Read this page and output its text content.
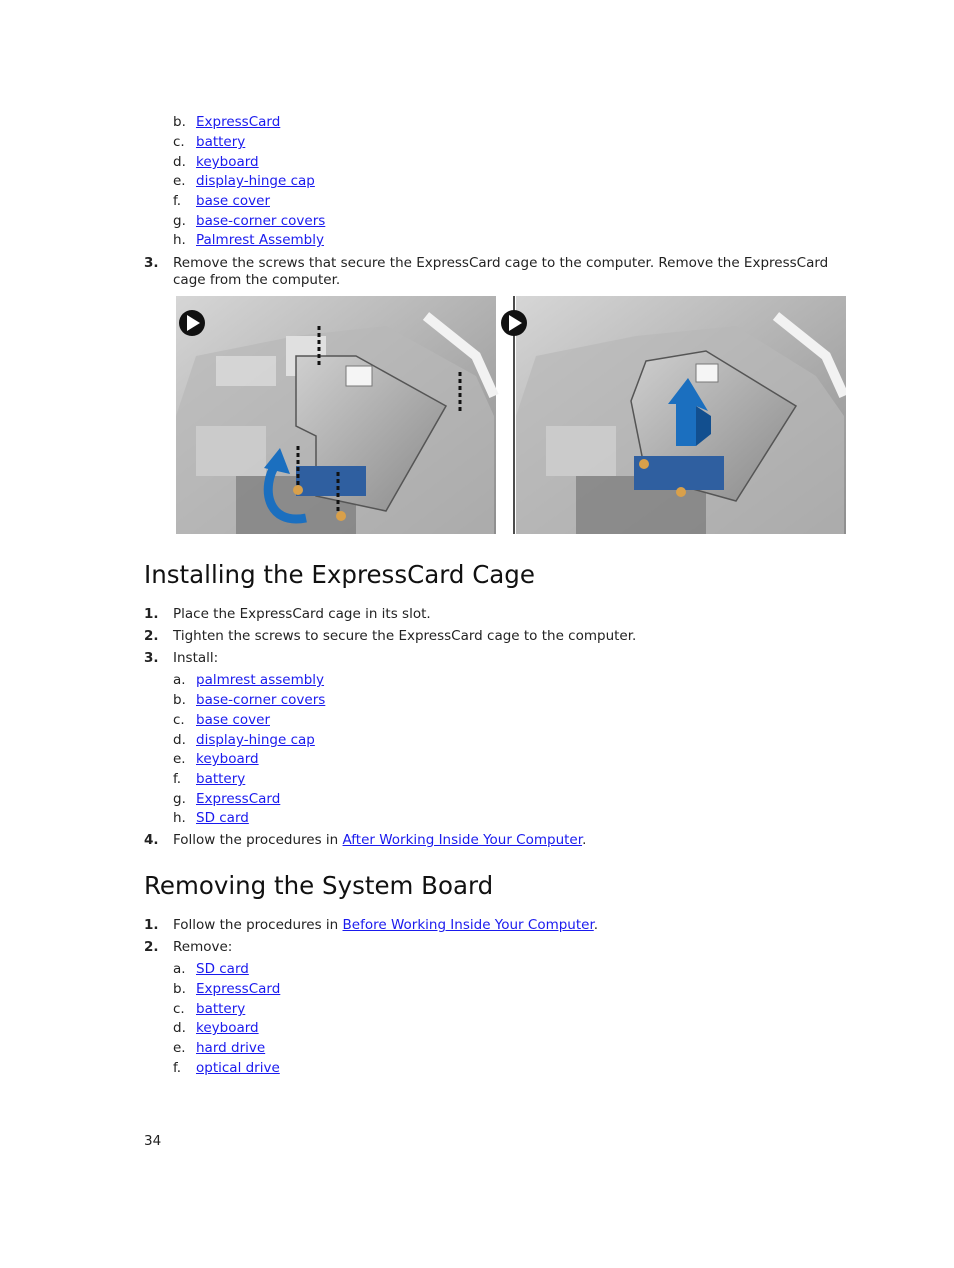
b. ExpressCard
c. battery
d. keyboard
e. display-hinge cap
f.	base cover
g. base-corner covers
h. Palmrest Assembly
3. Remove the screws that secure the ExpressCard cage to the computer. Remove the ExpressCard
cage from the computer.
Installing the ExpressCard Cage
1. Place the ExpressCard cage in its slot.
2. Tighten the screws to secure the ExpressCard cage to the computer.
3. Install:
a. palmrest assembly
b. base-corner covers
c. base cover
d. display-hinge cap
e. keyboard
f.	battery
g. ExpressCard
h. SD card
4. Follow the procedures in After Working Inside Your Computer.
Removing the System Board
1. Follow the procedures in Before Working Inside Your Computer.
2. Remove:
a. SD card
b. ExpressCard
c. battery
d. keyboard
e. hard drive
f.	optical drive
34
